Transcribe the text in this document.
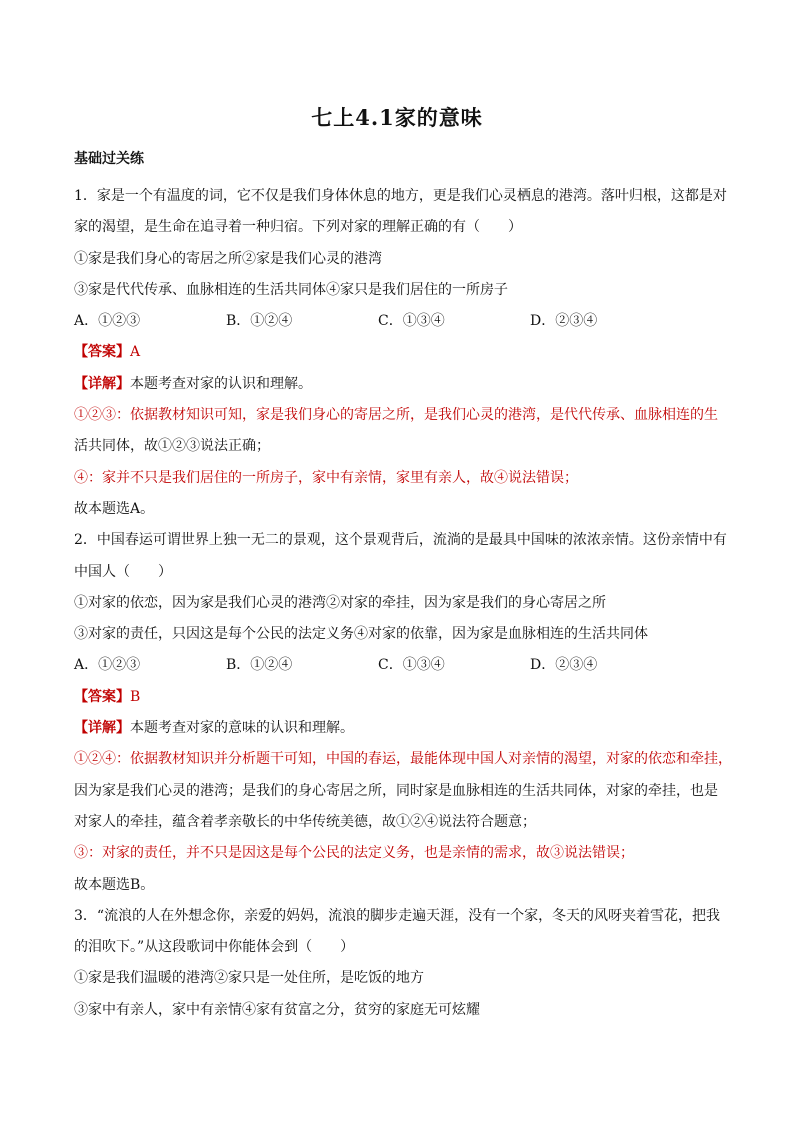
七上4.1家的意味
基础过关练
1．家是一个有温度的词，它不仅是我们身体休息的地方，更是我们心灵栖息的港湾。落叶归根，这都是对
家的渴望，是生命在追寻着一种归宿。下列对家的理解正确的有（　　）
①家是我们身心的寄居之所②家是我们心灵的港湾
③家是代代传承、血脉相连的生活共同体④家只是我们居住的一所房子
A．①②③	B．①②④	C．①③④	D．②③④
【答案】A
【详解】本题考查对家的认识和理解。
①②③：依据教材知识可知，家是我们身心的寄居之所，是我们心灵的港湾，是代代传承、血脉相连的生
活共同体，故①②③说法正确；
④：家并不只是我们居住的一所房子，家中有亲情，家里有亲人，故④说法错误；
故本题选A。
2．中国春运可谓世界上独一无二的景观，这个景观背后，流淌的是最具中国味的浓浓亲情。这份亲情中有
中国人（　　）
①对家的依恋，因为家是我们心灵的港湾②对家的牵挂，因为家是我们的身心寄居之所
③对家的责任，只因这是每个公民的法定义务④对家的依靠，因为家是血脉相连的生活共同体
A．①②③	B．①②④	C．①③④	D．②③④
【答案】B
【详解】本题考查对家的意味的认识和理解。
①②④：依据教材知识并分析题干可知，中国的春运，最能体现中国人对亲情的渴望，对家的依恋和牵挂，
因为家是我们心灵的港湾；是我们的身心寄居之所，同时家是血脉相连的生活共同体，对家的牵挂，也是
对家人的牵挂，蕴含着孝亲敬长的中华传统美德，故①②④说法符合题意；
③：对家的责任，并不只是因这是每个公民的法定义务，也是亲情的需求，故③说法错误；
故本题选B。
3．“流浪的人在外想念你，亲爱的妈妈，流浪的脚步走遍天涯，没有一个家，冬天的风呀夹着雪花，把我
的泪吹下。”从这段歌词中你能体会到（　　）
①家是我们温暖的港湾②家只是一处住所，是吃饭的地方
③家中有亲人，家中有亲情④家有贫富之分，贫穷的家庭无可炫耀
